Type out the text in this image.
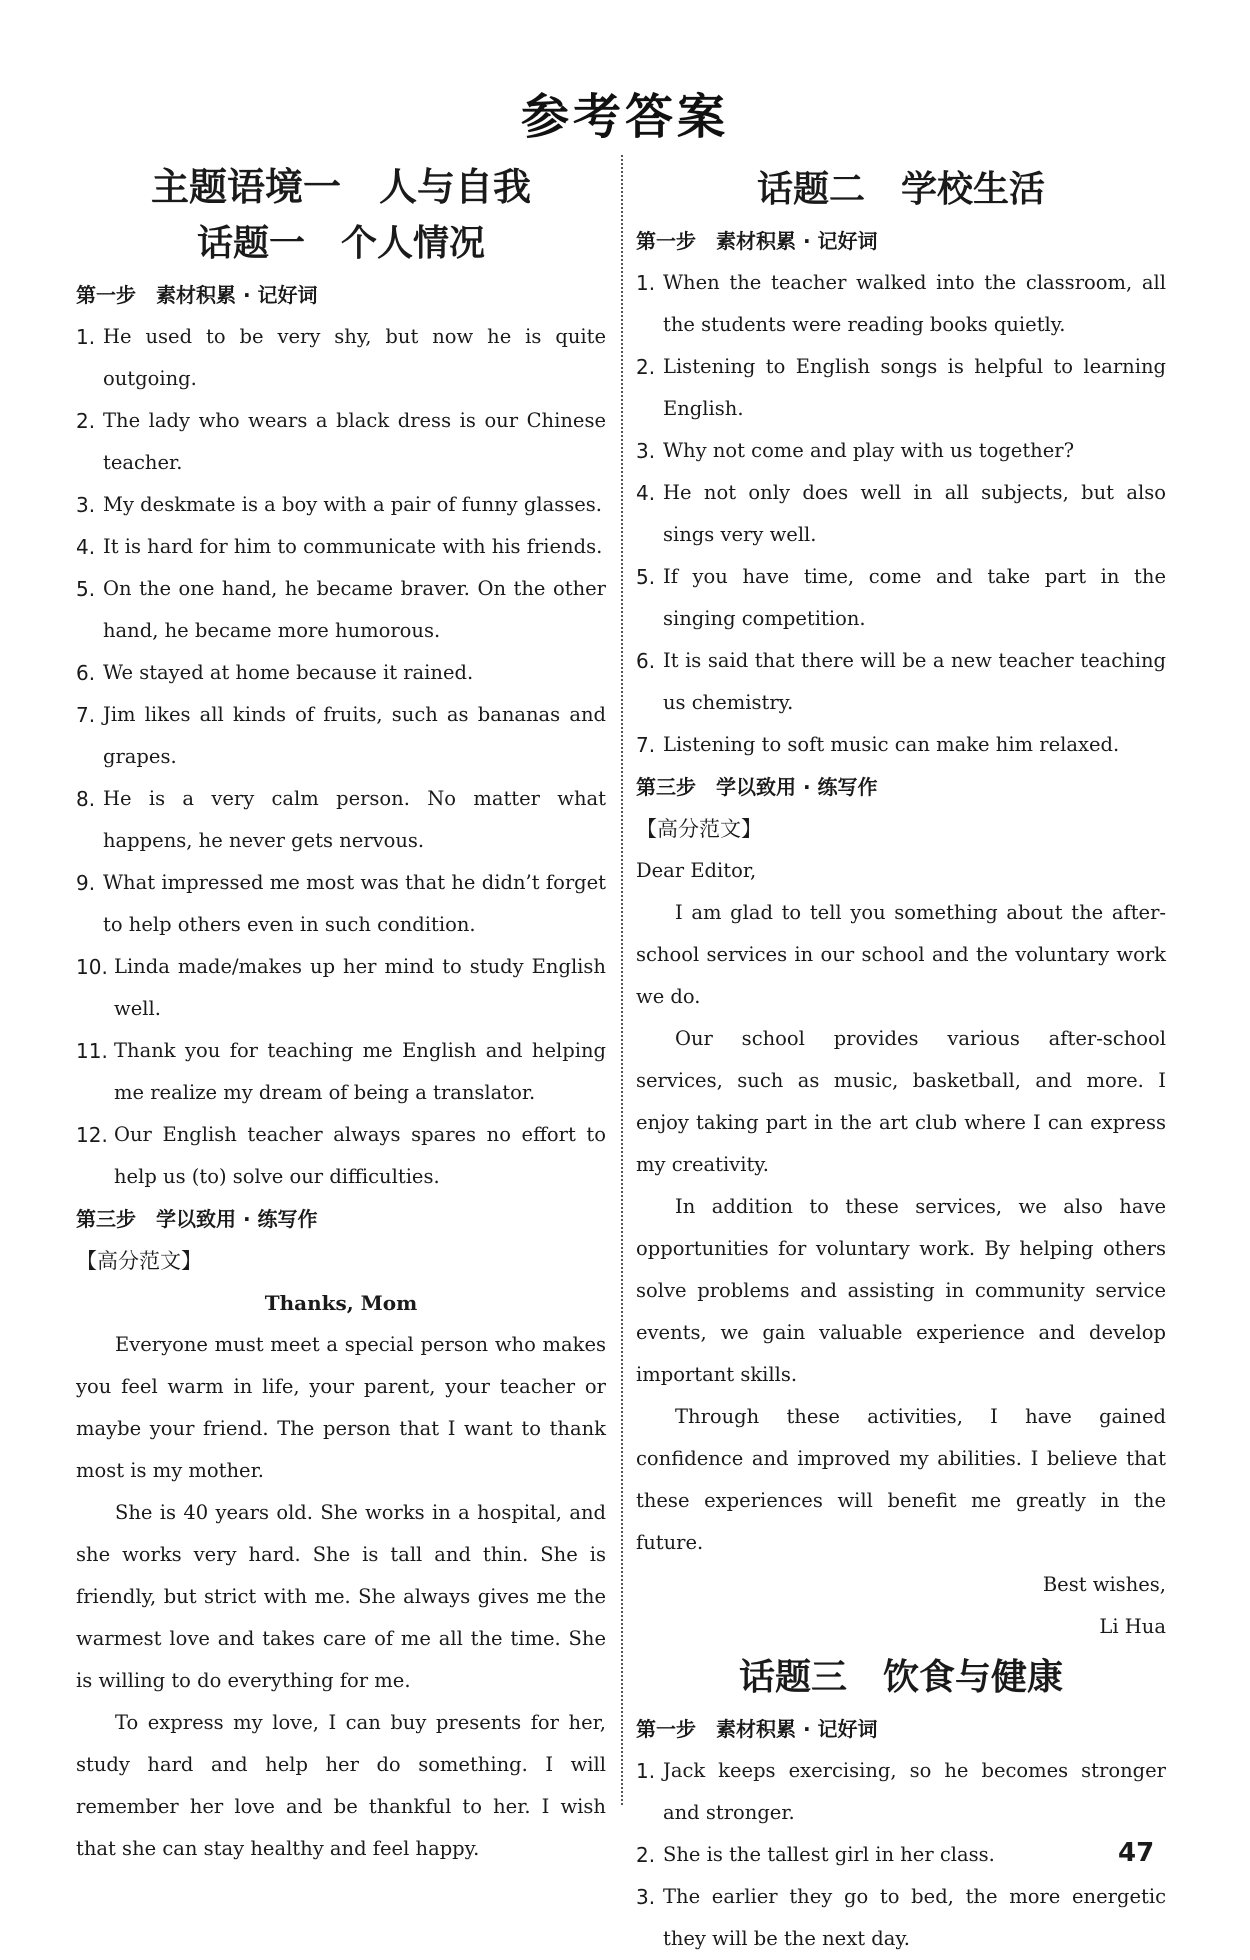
参考答案
主题语境一　人与自我
话题一　个人情况
第一步　素材积累 · 记好词
1. He used to be very shy, but now he is quite outgoing.
2. The lady who wears a black dress is our Chinese teacher.
3. My deskmate is a boy with a pair of funny glasses.
4. It is hard for him to communicate with his friends.
5. On the one hand, he became braver. On the other hand, he became more humorous.
6. We stayed at home because it rained.
7. Jim likes all kinds of fruits, such as bananas and grapes.
8. He is a very calm person. No matter what happens, he never gets nervous.
9. What impressed me most was that he didn’t forget to help others even in such condition.
10. Linda made/makes up her mind to study English well.
11. Thank you for teaching me English and helping me realize my dream of being a translator.
12. Our English teacher always spares no effort to help us (to) solve our difficulties.
第三步　学以致用 · 练写作
【高分范文】
Thanks, Mom

Everyone must meet a special person who makes you feel warm in life, your parent, your teacher or maybe your friend. The person that I want to thank most is my mother.

She is 40 years old. She works in a hospital, and she works very hard. She is tall and thin. She is friendly, but strict with me. She always gives me the warmest love and takes care of me all the time. She is willing to do everything for me.

To express my love, I can buy presents for her, study hard and help her do something. I will remember her love and be thankful to her. I wish that she can stay healthy and feel happy.

话题二　学校生活
第一步　素材积累 · 记好词
1. When the teacher walked into the classroom, all the students were reading books quietly.
2. Listening to English songs is helpful to learning English.
3. Why not come and play with us together?
4. He not only does well in all subjects, but also sings very well.
5. If you have time, come and take part in the singing competition.
6. It is said that there will be a new teacher teaching us chemistry.
7. Listening to soft music can make him relaxed.
第三步　学以致用 · 练写作
【高分范文】

Dear Editor,

I am glad to tell you something about the after-school services in our school and the voluntary work we do.

Our school provides various after-school services, such as music, basketball, and more. I enjoy taking part in the art club where I can express my creativity.

In addition to these services, we also have opportunities for voluntary work. By helping others solve problems and assisting in community service events, we gain valuable experience and develop important skills.

Through these activities, I have gained confidence and improved my abilities. I believe that these experiences will benefit me greatly in the future.

Best wishes,
Li Hua
话题三　饮食与健康
第一步　素材积累 · 记好词
1. Jack keeps exercising, so he becomes stronger and stronger.
2. She is the tallest girl in her class.
3. The earlier they go to bed, the more energetic they will be the next day.
47
